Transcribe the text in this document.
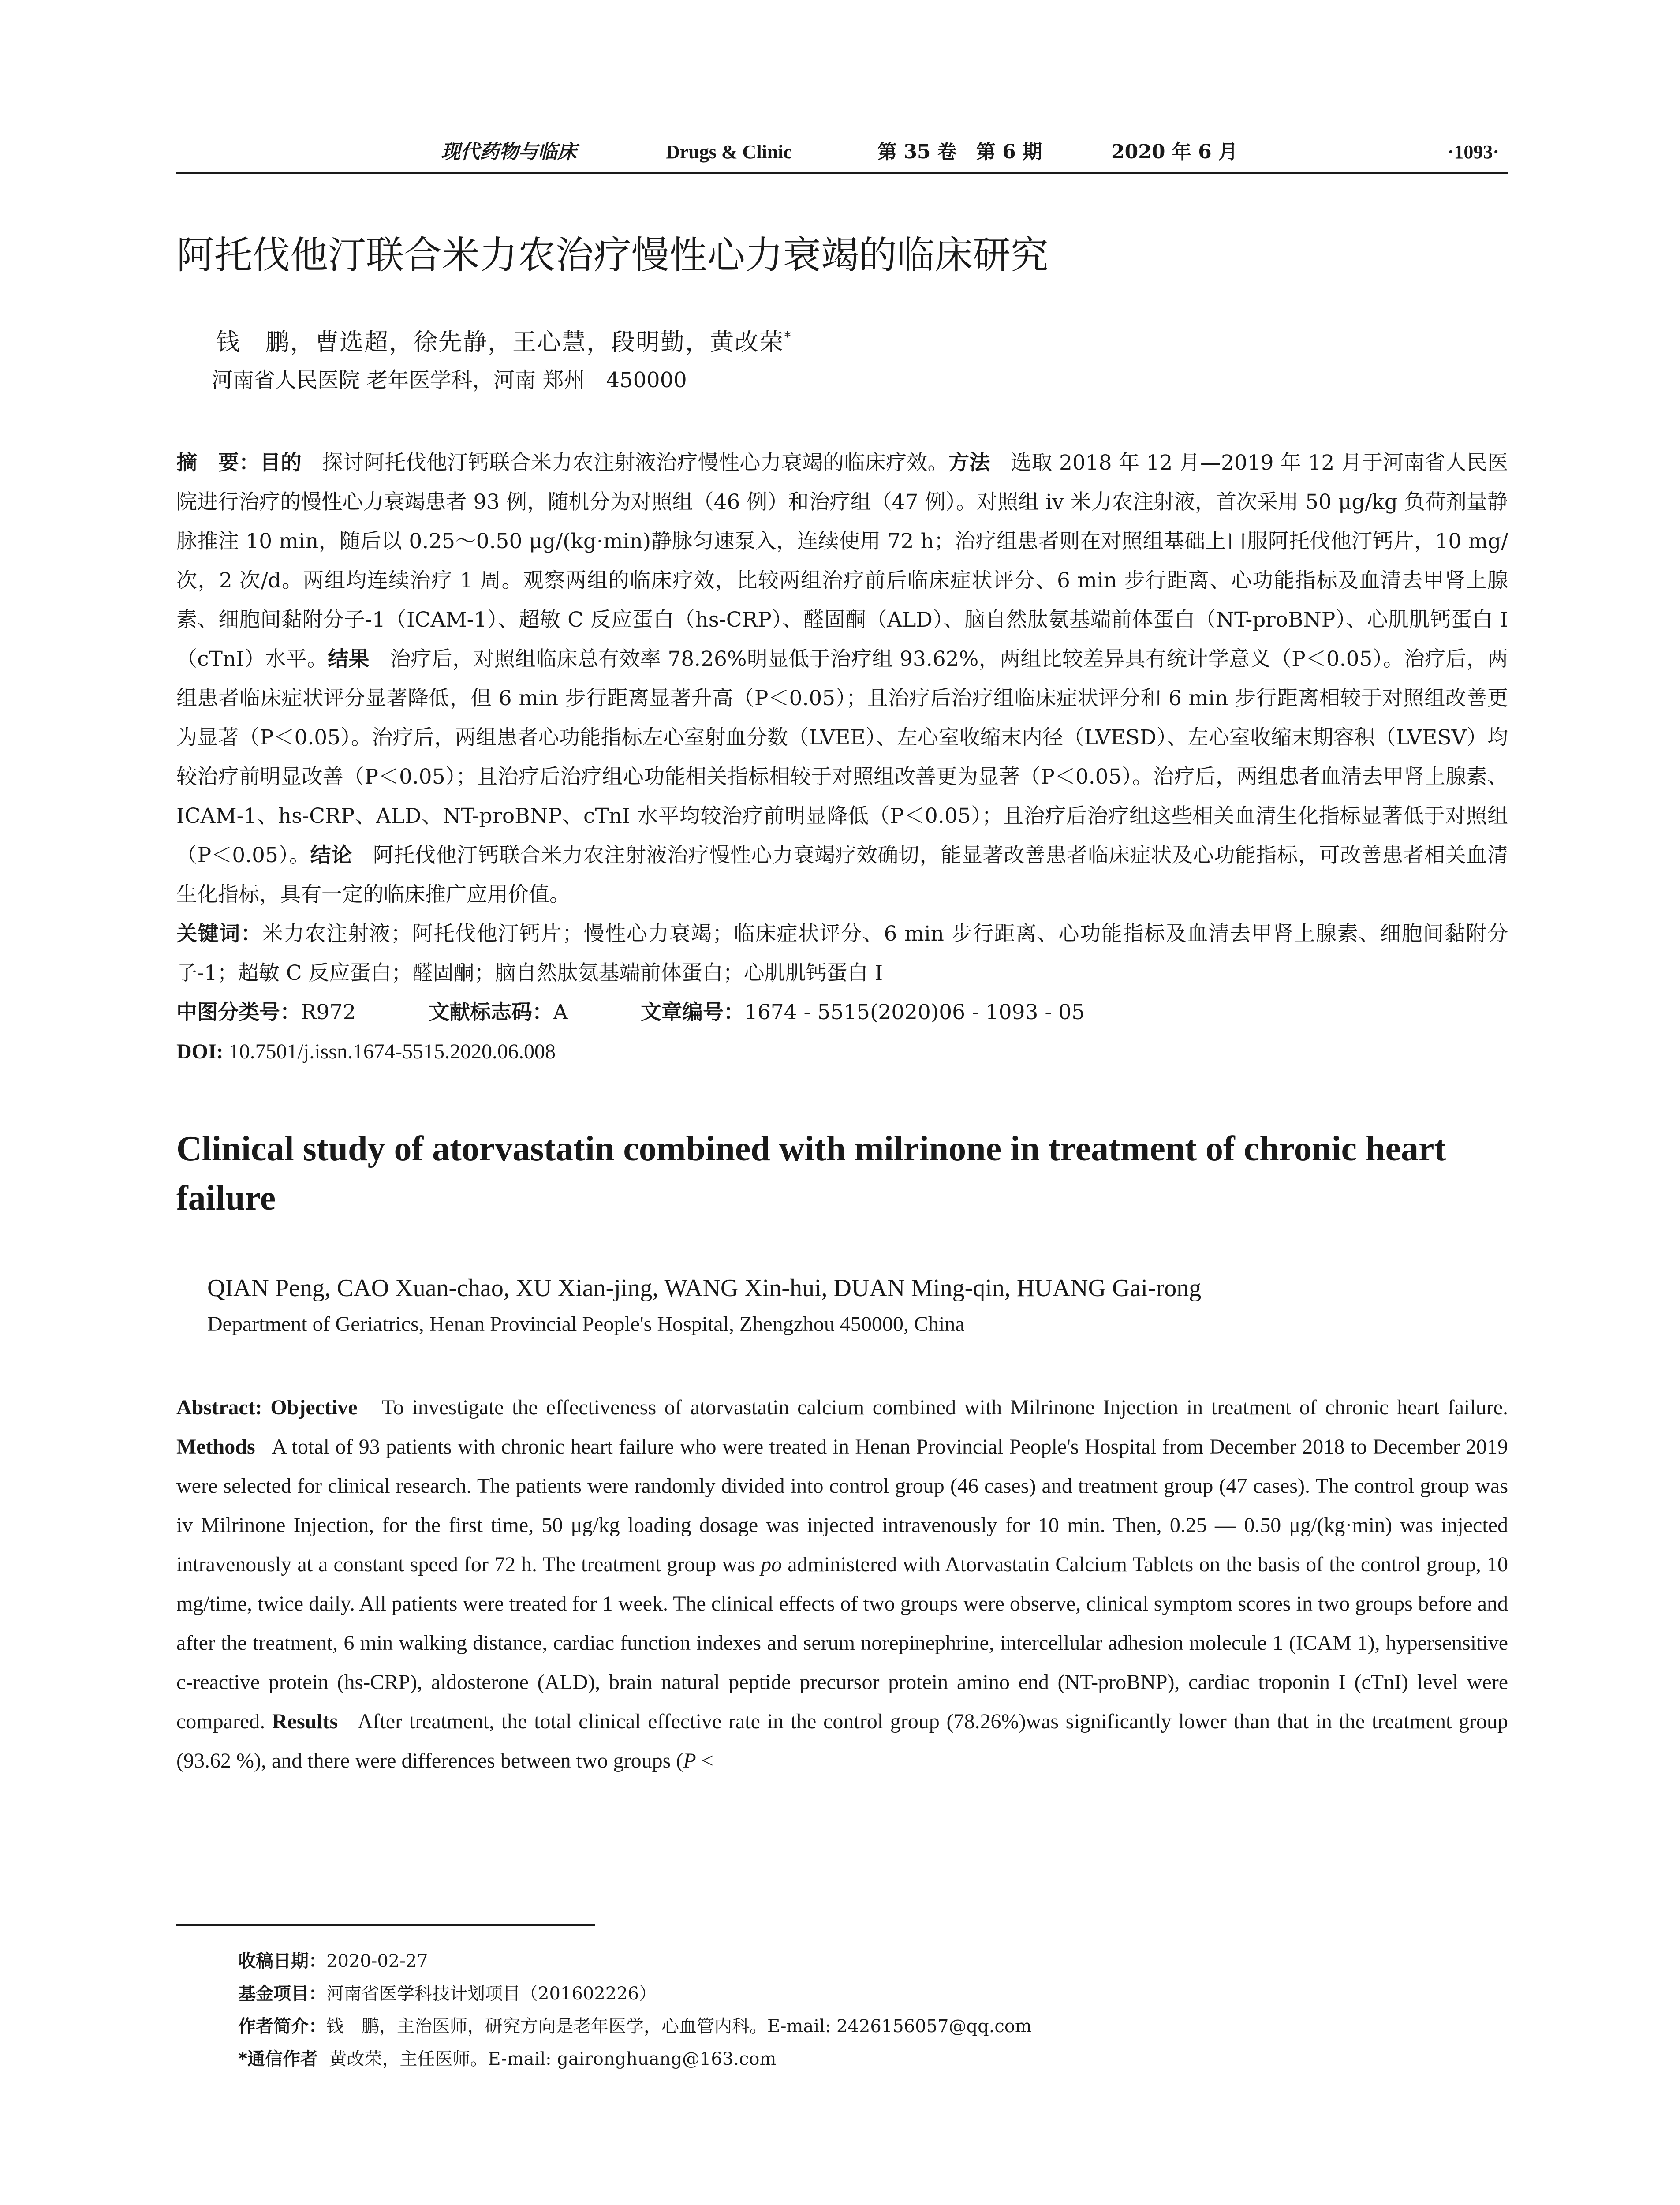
现代药物与临床	Drugs & Clinic	第 35 卷　第 6 期	2020 年 6 月	·1093·
阿托伐他汀联合米力农治疗慢性心力衰竭的临床研究
钱　鹏，曹选超，徐先静，王心慧，段明勤，黄改荣*
河南省人民医院 老年医学科，河南 郑州　450000
摘　要：目的 探讨阿托伐他汀钙联合米力农注射液治疗慢性心力衰竭的临床疗效。方法 选取 2018 年 12 月—2019 年 12 月于河南省人民医院进行治疗的慢性心力衰竭患者 93 例，随机分为对照组（46 例）和治疗组（47 例）。对照组 iv 米力农注射液，首次采用 50 μg/kg 负荷剂量静脉推注 10 min，随后以 0.25～0.50 μg/(kg·min)静脉匀速泵入，连续使用 72 h；治疗组患者则在对照组基础上口服阿托伐他汀钙片，10 mg/次，2 次/d。两组均连续治疗 1 周。观察两组的临床疗效，比较两组治疗前后临床症状评分、6 min 步行距离、心功能指标及血清去甲肾上腺素、细胞间黏附分子-1（ICAM-1）、超敏 C 反应蛋白（hs-CRP）、醛固酮（ALD）、脑自然肽氨基端前体蛋白（NT-proBNP）、心肌肌钙蛋白 I（cTnI）水平。结果 治疗后，对照组临床总有效率 78.26%明显低于治疗组 93.62%，两组比较差异具有统计学意义（P＜0.05）。治疗后，两组患者临床症状评分显著降低，但 6 min 步行距离显著升高（P＜0.05）；且治疗后治疗组临床症状评分和 6 min 步行距离相较于对照组改善更为显著（P＜0.05）。治疗后，两组患者心功能指标左心室射血分数（LVEE）、左心室收缩末内径（LVESD）、左心室收缩末期容积（LVESV）均较治疗前明显改善（P＜0.05）；且治疗后治疗组心功能相关指标相较于对照组改善更为显著（P＜0.05）。治疗后，两组患者血清去甲肾上腺素、ICAM-1、hs-CRP、ALD、NT-proBNP、cTnI 水平均较治疗前明显降低（P＜0.05）；且治疗后治疗组这些相关血清生化指标显著低于对照组（P＜0.05）。结论 阿托伐他汀钙联合米力农注射液治疗慢性心力衰竭疗效确切，能显著改善患者临床症状及心功能指标，可改善患者相关血清生化指标，具有一定的临床推广应用价值。
关键词：米力农注射液；阿托伐他汀钙片；慢性心力衰竭；临床症状评分、6 min 步行距离、心功能指标及血清去甲肾上腺素、细胞间黏附分子-1；超敏 C 反应蛋白；醛固酮；脑自然肽氨基端前体蛋白；心肌肌钙蛋白 I
中图分类号：R972	文献标志码：A	文章编号：1674 - 5515(2020)06 - 1093 - 05
DOI: 10.7501/j.issn.1674-5515.2020.06.008
Clinical study of atorvastatin combined with milrinone in treatment of chronic heart failure
QIAN Peng, CAO Xuan-chao, XU Xian-jing, WANG Xin-hui, DUAN Ming-qin, HUANG Gai-rong
Department of Geriatrics, Henan Provincial People's Hospital, Zhengzhou 450000, China
Abstract: Objective To investigate the effectiveness of atorvastatin calcium combined with Milrinone Injection in treatment of chronic heart failure. Methods A total of 93 patients with chronic heart failure who were treated in Henan Provincial People's Hospital from December 2018 to December 2019 were selected for clinical research. The patients were randomly divided into control group (46 cases) and treatment group (47 cases). The control group was iv Milrinone Injection, for the first time, 50 μg/kg loading dosage was injected intravenously for 10 min. Then, 0.25 — 0.50 μg/(kg·min) was injected intravenously at a constant speed for 72 h. The treatment group was po administered with Atorvastatin Calcium Tablets on the basis of the control group, 10 mg/time, twice daily. All patients were treated for 1 week. The clinical effects of two groups were observe, clinical symptom scores in two groups before and after the treatment, 6 min walking distance, cardiac function indexes and serum norepinephrine, intercellular adhesion molecule 1 (ICAM 1), hypersensitive c-reactive protein (hs-CRP), aldosterone (ALD), brain natural peptide precursor protein amino end (NT-proBNP), cardiac troponin I (cTnI) level were compared. Results After treatment, the total clinical effective rate in the control group (78.26%)was significantly lower than that in the treatment group (93.62 %), and there were differences between two groups (P <
收稿日期：2020-02-27
基金项目：河南省医学科技计划项目（201602226）
作者简介：钱　鹏，主治医师，研究方向是老年医学，心血管内科。E-mail: 2426156057@qq.com
*通信作者 黄改荣，主任医师。E-mail: gaironghuang@163.com
